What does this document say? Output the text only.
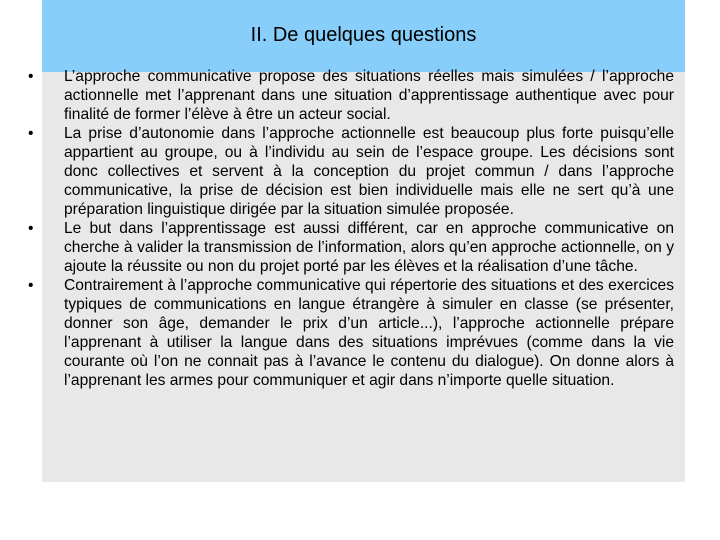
II. De quelques questions
•	L’approche communicative propose des situations réelles mais simulées / l’approche actionnelle met l’apprenant dans une situation d’apprentissage authentique avec pour finalité de former l’élève à être un acteur social.
•	La prise d’autonomie dans l’approche actionnelle est beaucoup plus forte puisqu’elle appartient au groupe, ou à l’individu au sein de l’espace groupe. Les décisions sont donc collectives et servent à la conception du projet commun / dans l’approche communicative, la prise de décision est bien individuelle mais elle ne sert qu’à une préparation linguistique dirigée par la situation simulée proposée.
•	Le but dans l’apprentissage est aussi différent, car en approche communicative on cherche à valider la transmission de l’information, alors qu’en approche actionnelle, on y ajoute la réussite ou non du projet porté par les élèves et la réalisation d’une tâche.
•	Contrairement à l’approche communicative qui répertorie des situations et des exercices typiques de communications en langue étrangère à simuler en classe (se présenter, donner son âge, demander le prix d’un article...), l’approche actionnelle prépare l’apprenant à utiliser la langue dans des situations imprévues (comme dans la vie courante où l’on ne connait pas à l’avance le contenu du dialogue). On donne alors à l’apprenant les armes pour communiquer et agir dans n’importe quelle situation.
